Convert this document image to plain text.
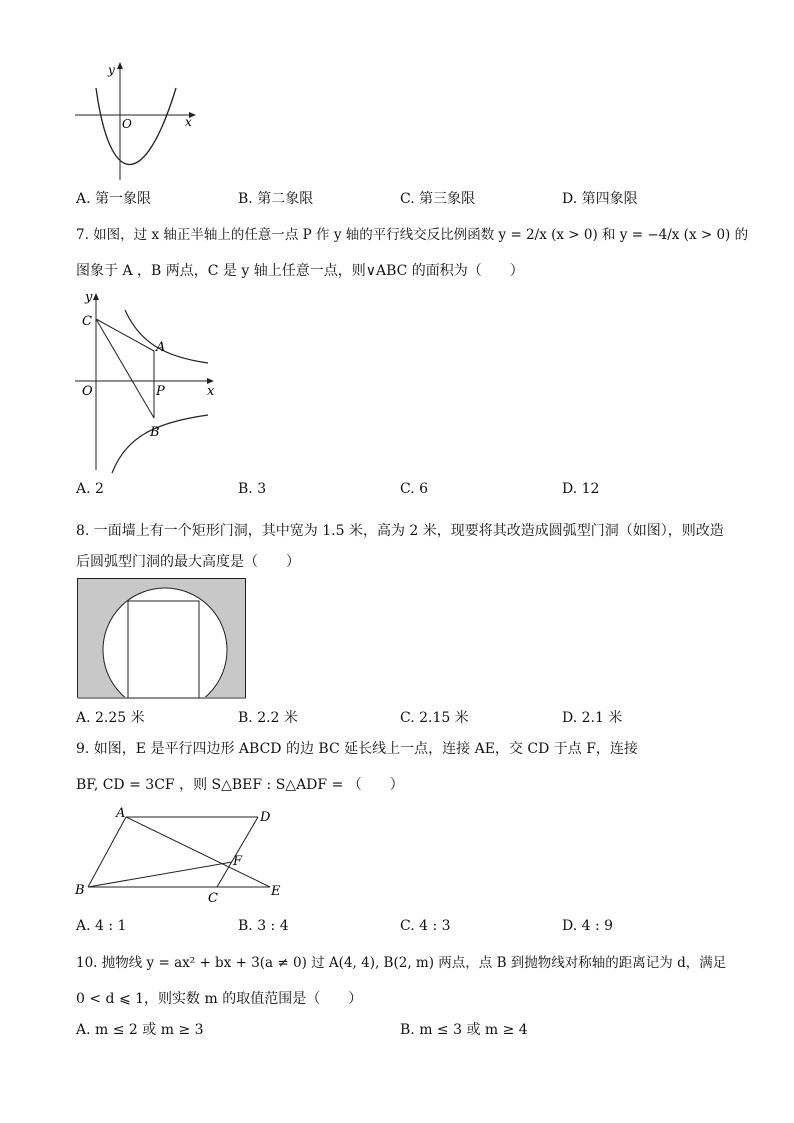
y
x
O
A. 第一象限	B. 第二象限	C. 第三象限	D. 第四象限
7. 如图，过 x 轴正半轴上的任意一点 P 作 y 轴的平行线交反比例函数 y = 2/x (x > 0) 和 y = −4/x (x > 0) 的
图象于 A ，B 两点，C 是 y 轴上任意一点，则∨ABC 的面积为（　　）
y
x
O
C
A
P
B
A. 2	B. 3	C. 6	D. 12
8. 一面墙上有一个矩形门洞，其中宽为 1.5 米，高为 2 米，现要将其改造成圆弧型门洞（如图），则改造
后圆弧型门洞的最大高度是（　　）
A. 2.25 米	B. 2.2 米	C. 2.15 米	D. 2.1 米
9. 如图，E 是平行四边形 ABCD 的边 BC 延长线上一点，连接 AE，交 CD 于点 F，连接
BF, CD = 3CF ，则 S△BEF : S△ADF = （　　）
A	D
B
C	E
F
A. 4 : 1	B. 3 : 4	C. 4 : 3	D. 4 : 9
10. 抛物线 y = ax² + bx + 3(a ≠ 0) 过 A(4, 4), B(2, m) 两点，点 B 到抛物线对称轴的距离记为 d，满足
0 < d ⩽ 1，则实数 m 的取值范围是（　　）
A. m ≤ 2 或 m ≥ 3	B. m ≤ 3 或 m ≥ 4
